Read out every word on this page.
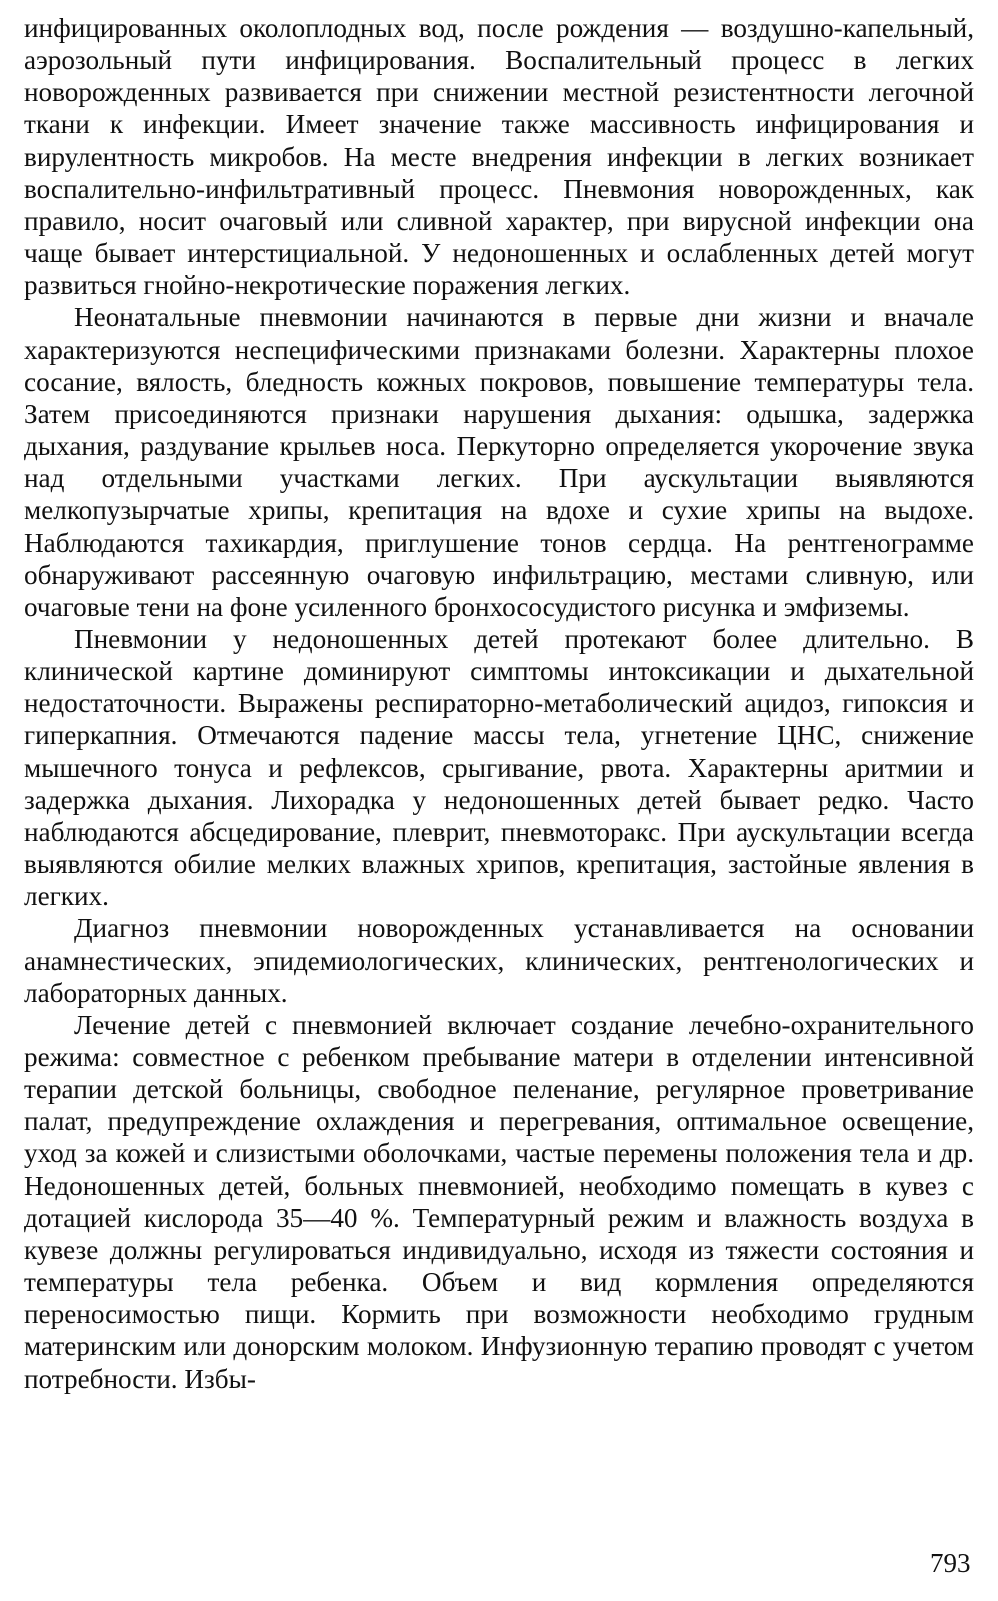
инфицированных околоплодных вод, после рождения — воздушно-капельный, аэрозольный пути инфицирования. Воспалительный процесс в легких новорожденных развивается при снижении местной резистентности легочной ткани к инфекции. Имеет значение также массивность инфицирования и вирулентность микробов. На месте внедрения инфекции в легких возникает воспалительно-инфильтративный процесс. Пневмония новорожденных, как правило, носит очаговый или сливной характер, при вирусной инфекции она чаще бывает интерстициальной. У недоношенных и ослабленных детей могут развиться гнойно-некротические поражения легких.

Неонатальные пневмонии начинаются в первые дни жизни и вначале характеризуются неспецифическими признаками болезни. Характерны плохое сосание, вялость, бледность кожных покровов, повышение температуры тела. Затем присоединяются признаки нарушения дыхания: одышка, задержка дыхания, раздувание крыльев носа. Перкуторно определяется укорочение звука над отдельными участками легких. При аускультации выявляются мелкопузырчатые хрипы, крепитация на вдохе и сухие хрипы на выдохе. Наблюдаются тахикардия, приглушение тонов сердца. На рентгенограмме обнаруживают рассеянную очаговую инфильтрацию, местами сливную, или очаговые тени на фоне усиленного бронхососудистого рисунка и эмфиземы.

Пневмонии у недоношенных детей протекают более длительно. В клинической картине доминируют симптомы интоксикации и дыхательной недостаточности. Выражены респираторно-метаболический ацидоз, гипоксия и гиперкапния. Отмечаются падение массы тела, угнетение ЦНС, снижение мышечного тонуса и рефлексов, срыгивание, рвота. Характерны аритмии и задержка дыхания. Лихорадка у недоношенных детей бывает редко. Часто наблюдаются абсцедирование, плеврит, пневмоторакс. При аускультации всегда выявляются обилие мелких влажных хрипов, крепитация, застойные явления в легких.

Диагноз пневмонии новорожденных устанавливается на основании анамнестических, эпидемиологических, клинических, рентгенологических и лабораторных данных.

Лечение детей с пневмонией включает создание лечебно-охранительного режима: совместное с ребенком пребывание матери в отделении интенсивной терапии детской больницы, свободное пеленание, регулярное проветривание палат, предупреждение охлаждения и перегревания, оптимальное освещение, уход за кожей и слизистыми оболочками, частые перемены положения тела и др. Недоношенных детей, больных пневмонией, необходимо помещать в кувез с дотацией кислорода 35—40 %. Температурный режим и влажность воздуха в кувезе должны регулироваться индивидуально, исходя из тяжести состояния и температуры тела ребенка. Объем и вид кормления определяются переносимостью пищи. Кормить при возможности необходимо грудным материнским или донорским молоком. Инфузионную терапию проводят с учетом потребности. Избы-

793
